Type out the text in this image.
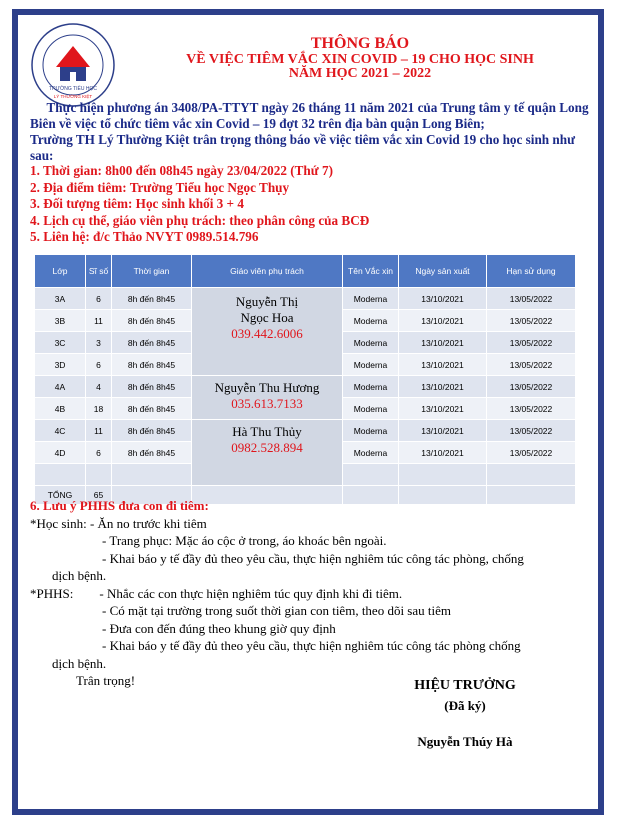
TRƯỜNG TIỂU HỌC
LÝ THƯỜNG KIỆT
THÔNG BÁO
VỀ VIỆC TIÊM VẮC XIN COVID – 19 CHO HỌC SINH
NĂM HỌC 2021 – 2022

Thực hiện phương án 3408/PA-TTYT ngày 26 tháng 11 năm 2021 của Trung tâm y tế quận Long Biên về việc tổ chức tiêm vắc xin Covid – 19 đợt 32 trên địa bàn quận Long Biên;

Trường TH Lý Thường Kiệt trân trọng thông báo về việc tiêm vắc xin Covid 19 cho học sinh như sau:

1. Thời gian: 8h00 đến 08h45 ngày 23/04/2022 (Thứ 7)
2. Địa điểm tiêm: Trường Tiểu học Ngọc Thụy
3. Đối tượng tiêm: Học sinh khối 3 + 4
4. Lịch cụ thể, giáo viên phụ trách: theo phân công của BCĐ
5. Liên hệ: đ/c Thảo NVYT 0989.514.796
Lớp	Sĩ số	Thời gian	Giáo viên phụ trách	Tên Vắc xin	Ngày sản xuất	Hạn sử dụng
3A	6	8h đến 8h45	Nguyễn Thị
Ngọc Hoa
039.442.6006	Moderna	13/10/2021	13/05/2022
3B	11	8h đến 8h45		Moderna	13/10/2021	13/05/2022
3C	3	8h đến 8h45		Moderna	13/10/2021	13/05/2022
3D	6	8h đến 8h45		Moderna	13/10/2021	13/05/2022
4A	4	8h đến 8h45	Nguyễn Thu Hương
035.613.7133	Moderna	13/10/2021	13/05/2022
4B	18	8h đến 8h45		Moderna	13/10/2021	13/05/2022
4C	11	8h đến 8h45	Hà Thu Thủy
0982.528.894	Moderna	13/10/2021	13/05/2022
4D	6	8h đến 8h45		Moderna	13/10/2021	13/05/2022

TỔNG	65					
6. Lưu ý PHHS đưa con đi tiêm:
*Học sinh: - Ăn no trước khi tiêm
- Trang phục: Mặc áo cộc ở trong, áo khoác bên ngoài.
- Khai báo y tế đầy đủ theo yêu cầu, thực hiện nghiêm túc công tác phòng, chống
dịch bệnh.
*PHHS: - Nhắc các con thực hiện nghiêm túc quy định khi đi tiêm.
- Có mặt tại trường trong suốt thời gian con tiêm, theo dõi sau tiêm
- Đưa con đến đúng theo khung giờ quy định
- Khai báo y tế đầy đủ theo yêu cầu, thực hiện nghiêm túc công tác phòng chống
dịch bệnh.
Trân trọng!	HIỆU TRƯỞNG
(Đã ký)
Nguyễn Thúy Hà
